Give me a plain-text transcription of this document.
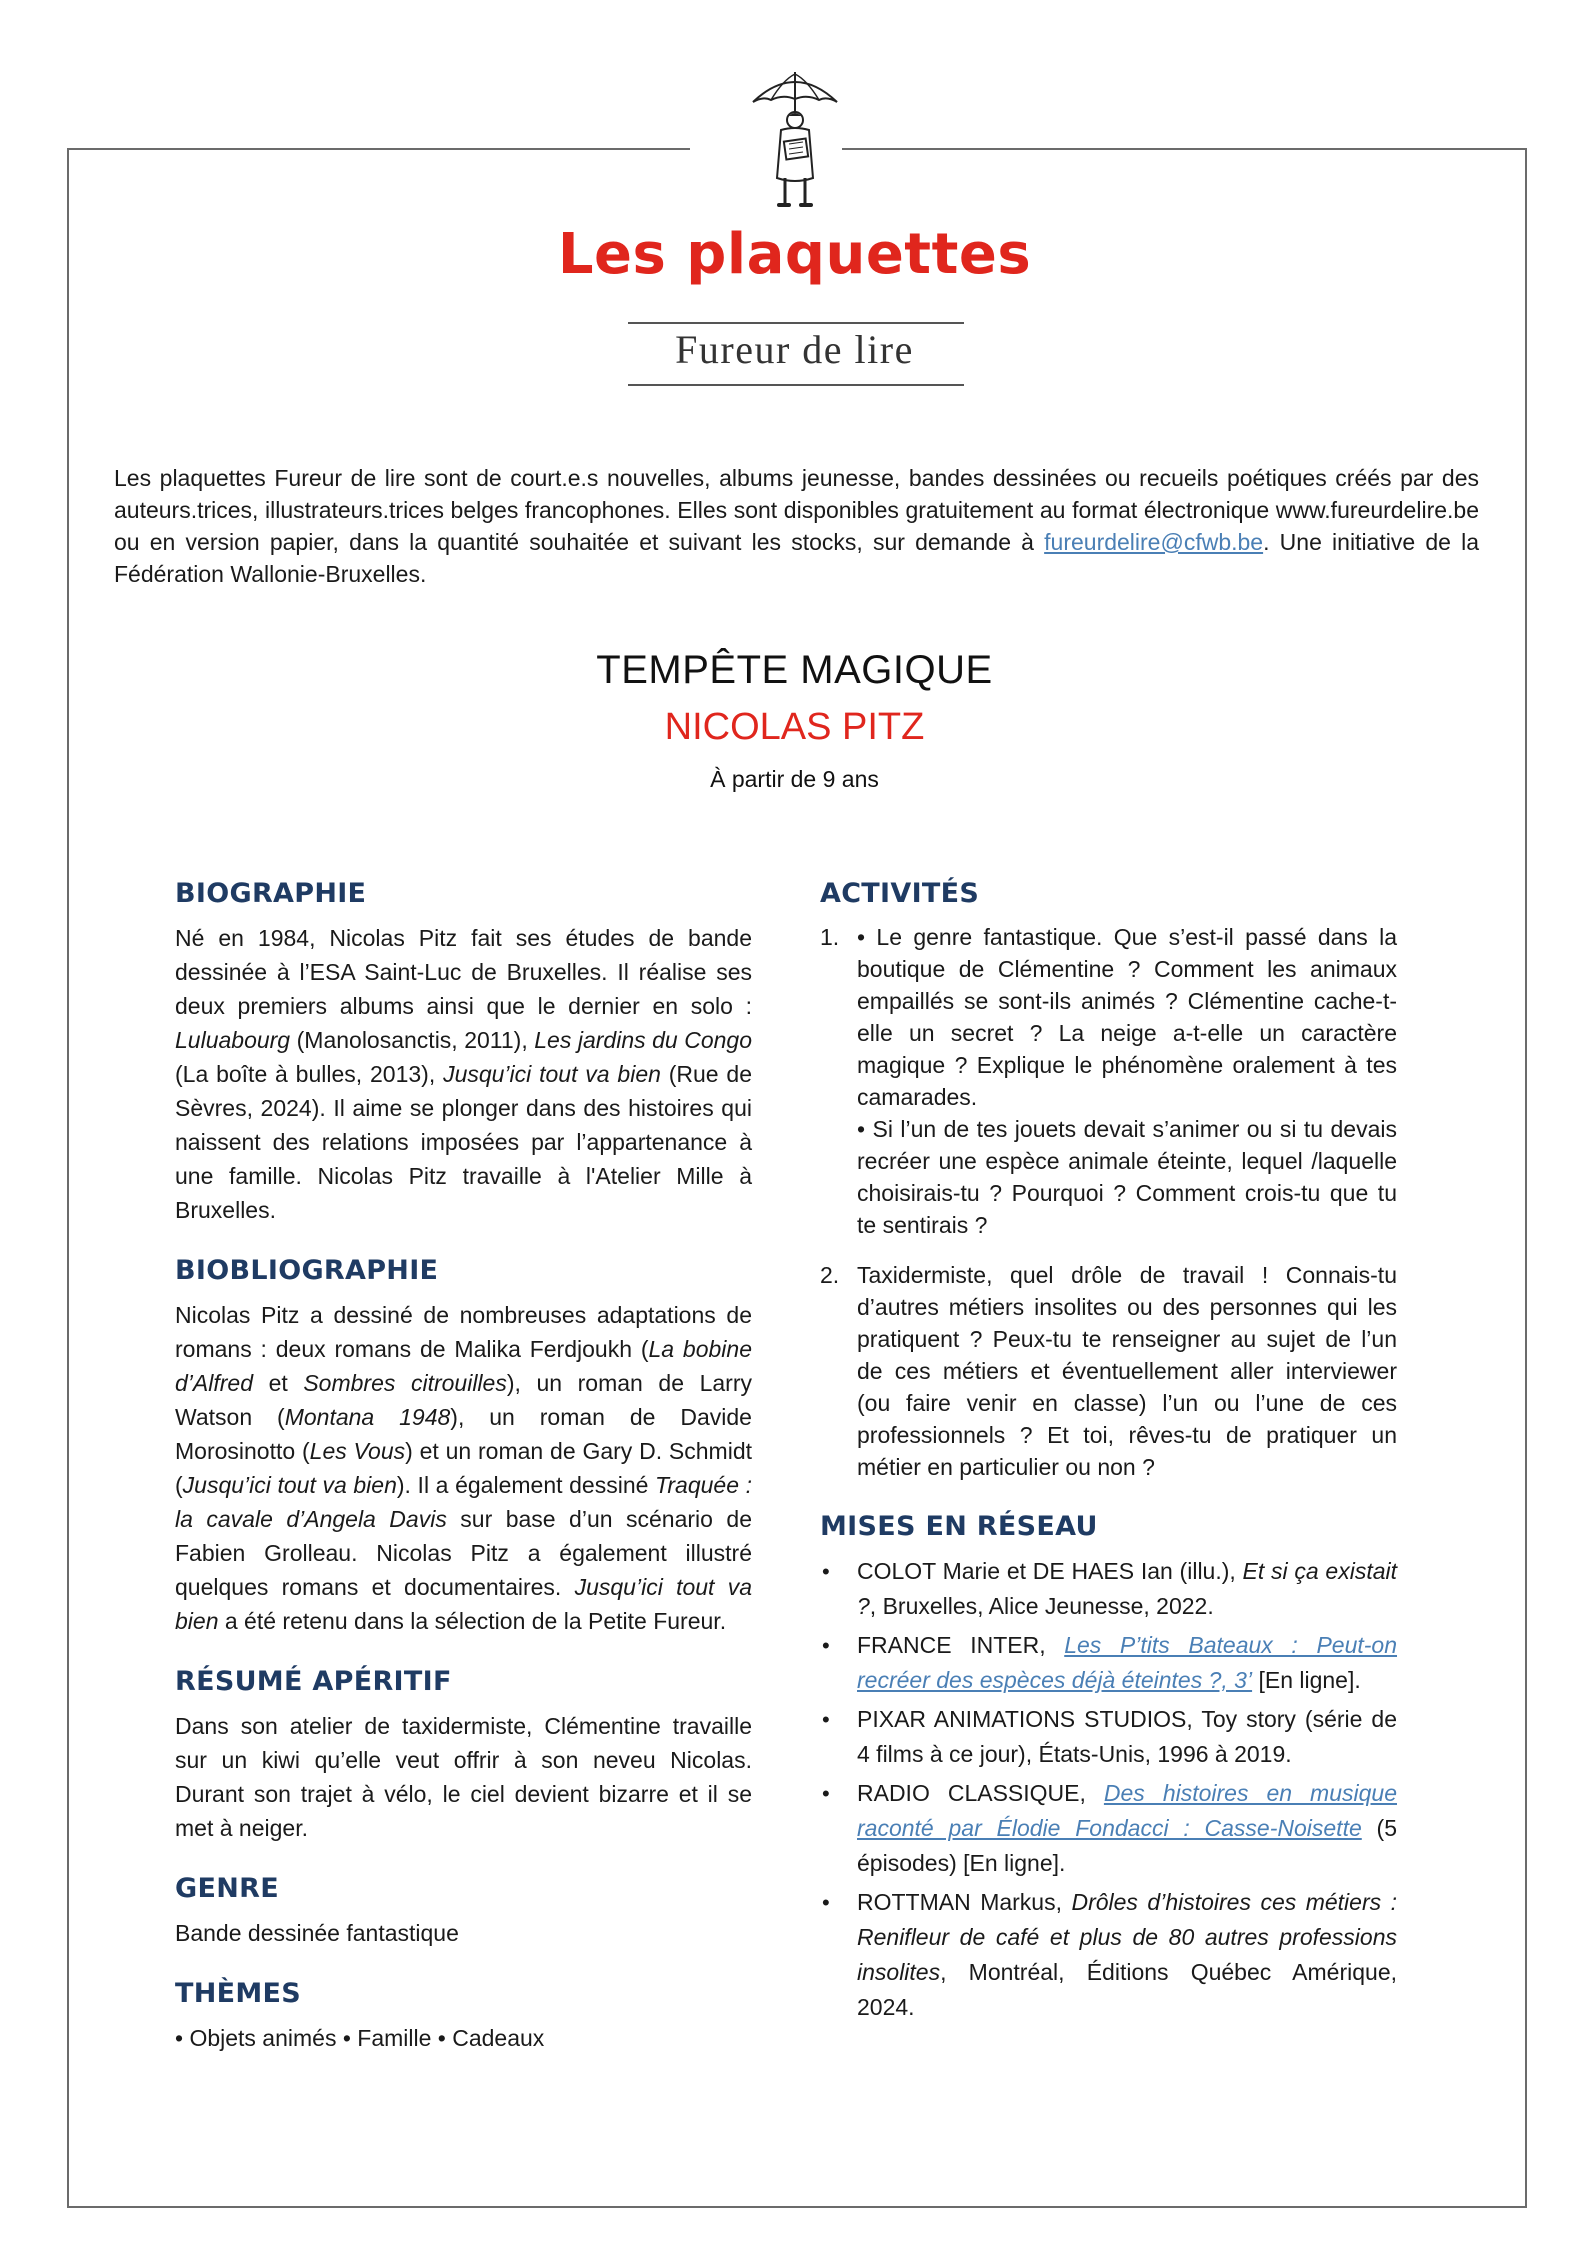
Les plaquettes
Fureur de lire
Les plaquettes Fureur de lire sont de court.e.s nouvelles, albums jeunesse, bandes dessinées ou recueils poétiques créés par des auteurs.trices, illustrateurs.trices belges francophones. Elles sont disponibles gratuitement au format électronique www.fureurdelire.be ou en version papier, dans la quantité souhaitée et suivant les stocks, sur demande à fureurdelire@cfwb.be. Une initiative de la Fédération Wallonie-Bruxelles.
TEMPÊTE MAGIQUE
NICOLAS PITZ
À partir de 9 ans
BIOGRAPHIE

Né en 1984, Nicolas Pitz fait ses études de bande dessinée à l’ESA Saint-Luc de Bruxelles. Il réalise ses deux premiers albums ainsi que le dernier en solo : Luluabourg (Manolosanctis, 2011), Les jardins du Congo (La boîte à bulles, 2013), Jusqu’ici tout va bien (Rue de Sèvres, 2024). Il aime se plonger dans des histoires qui naissent des relations imposées par l’appartenance à une famille. Nicolas Pitz travaille à l'Atelier Mille à Bruxelles.

BIOBLIOGRAPHIE

Nicolas Pitz a dessiné de nombreuses adaptations de romans : deux romans de Malika Ferdjoukh (La bobine d’Alfred et Sombres citrouilles), un roman de Larry Watson (Montana 1948), un roman de Davide Morosinotto (Les Vous) et un roman de Gary D. Schmidt (Jusqu’ici tout va bien). Il a également dessiné Traquée : la cavale d’Angela Davis sur base d’un scénario de Fabien Grolleau. Nicolas Pitz a également illustré quelques romans et documentaires. Jusqu’ici tout va bien a été retenu dans la sélection de la Petite Fureur.

RÉSUMÉ APÉRITIF

Dans son atelier de taxidermiste, Clémentine travaille sur un kiwi qu’elle veut offrir à son neveu Nicolas. Durant son trajet à vélo, le ciel devient bizarre et il se met à neiger.

GENRE

Bande dessinée fantastique

THÈMES

• Objets animés • Famille • Cadeaux

ACTIVITÉS
1. • Le genre fantastique. Que s’est-il passé dans la boutique de Clémentine ? Comment les animaux empaillés se sont-ils animés ? Clémentine cache-t-elle un secret ? La neige a-t-elle un caractère magique ? Explique le phénomène oralement à tes camarades.
• Si l’un de tes jouets devait s’animer ou si tu devais recréer une espèce animale éteinte, lequel /laquelle choisirais-tu ? Pourquoi ? Comment crois-tu que tu te sentirais ?
2. Taxidermiste, quel drôle de travail ! Connais-tu d’autres métiers insolites ou des personnes qui les pratiquent ? Peux-tu te renseigner au sujet de l’un de ces métiers et éventuellement aller interviewer (ou faire venir en classe) l’un ou l’une de ces professionnels ? Et toi, rêves-tu de pratiquer un métier en particulier ou non ?
MISES EN RÉSEAU
• COLOT Marie et DE HAES Ian (illu.), Et si ça existait ?, Bruxelles, Alice Jeunesse, 2022.
• FRANCE INTER, Les P’tits Bateaux : Peut-on recréer des espèces déjà éteintes ?, 3’ [En ligne].
• PIXAR ANIMATIONS STUDIOS, Toy story (série de 4 films à ce jour), États-Unis, 1996 à 2019.
• RADIO CLASSIQUE, Des histoires en musique raconté par Élodie Fondacci : Casse-Noisette (5 épisodes) [En ligne].
• ROTTMAN Markus, Drôles d’histoires ces métiers : Renifleur de café et plus de 80 autres professions insolites, Montréal, Éditions Québec Amérique, 2024.
